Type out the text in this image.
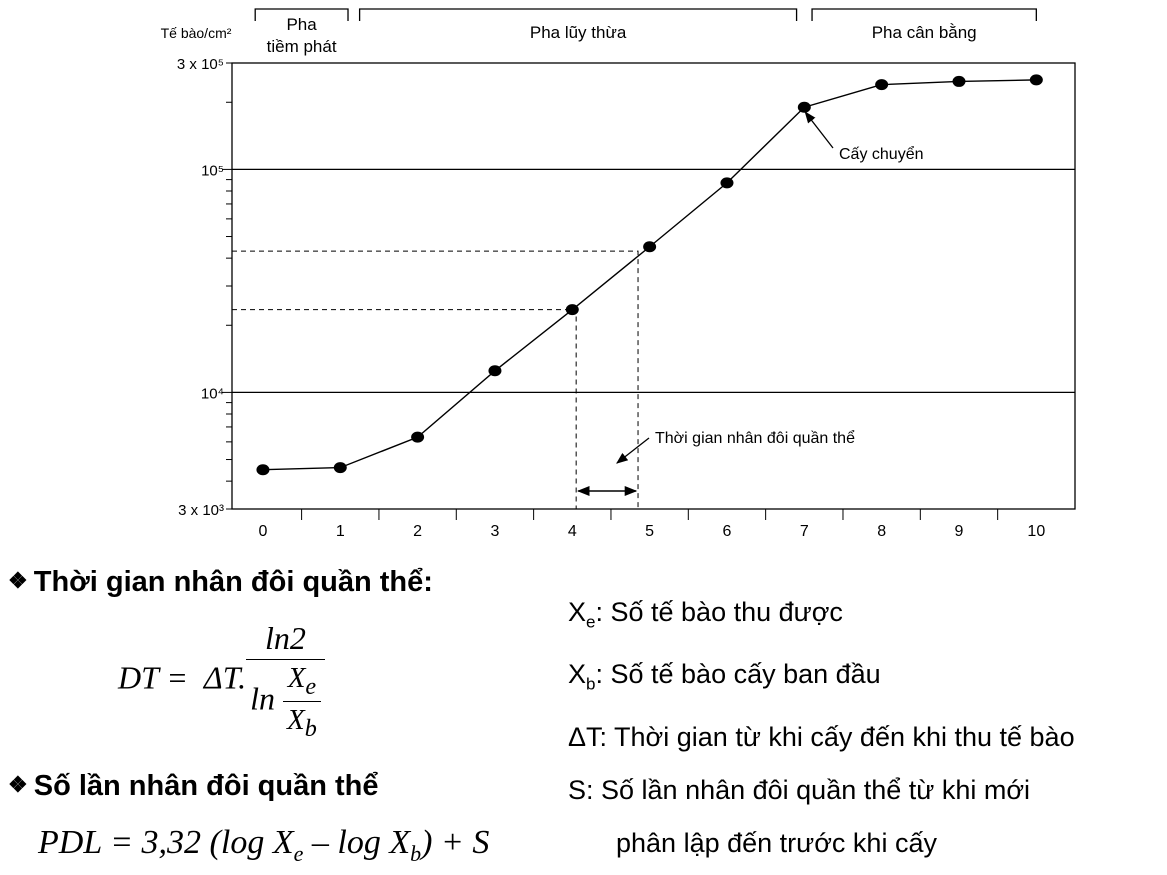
Pha
tiềm phát
Pha lũy thừa	Pha cân bằng
3 x 10⁵
10⁵
10⁴
3 x 10³
Tế bào/cm²
0	1	2	3	4	5	6	7	8	9	10
Cấy chuyển
Thời gian nhân đôi quần thể
❖ Thời gian nhân đôi quần thể:
DT = ΔT. $\frac{\ln 2}{\ln \frac{X_e}{X_b}}$
❖ Số lần nhân đôi quần thể
PDL = 3,32 (log $X_e - \log X_b) + S$
$X_e$: Số tế bào thu được
$X_b$: Số tế bào cấy ban đầu
ΔT: Thời gian từ khi cấy đến khi thu tế bào
S: Số lần nhân đôi quần thể từ khi mới
phân lập đến trước khi cấy
